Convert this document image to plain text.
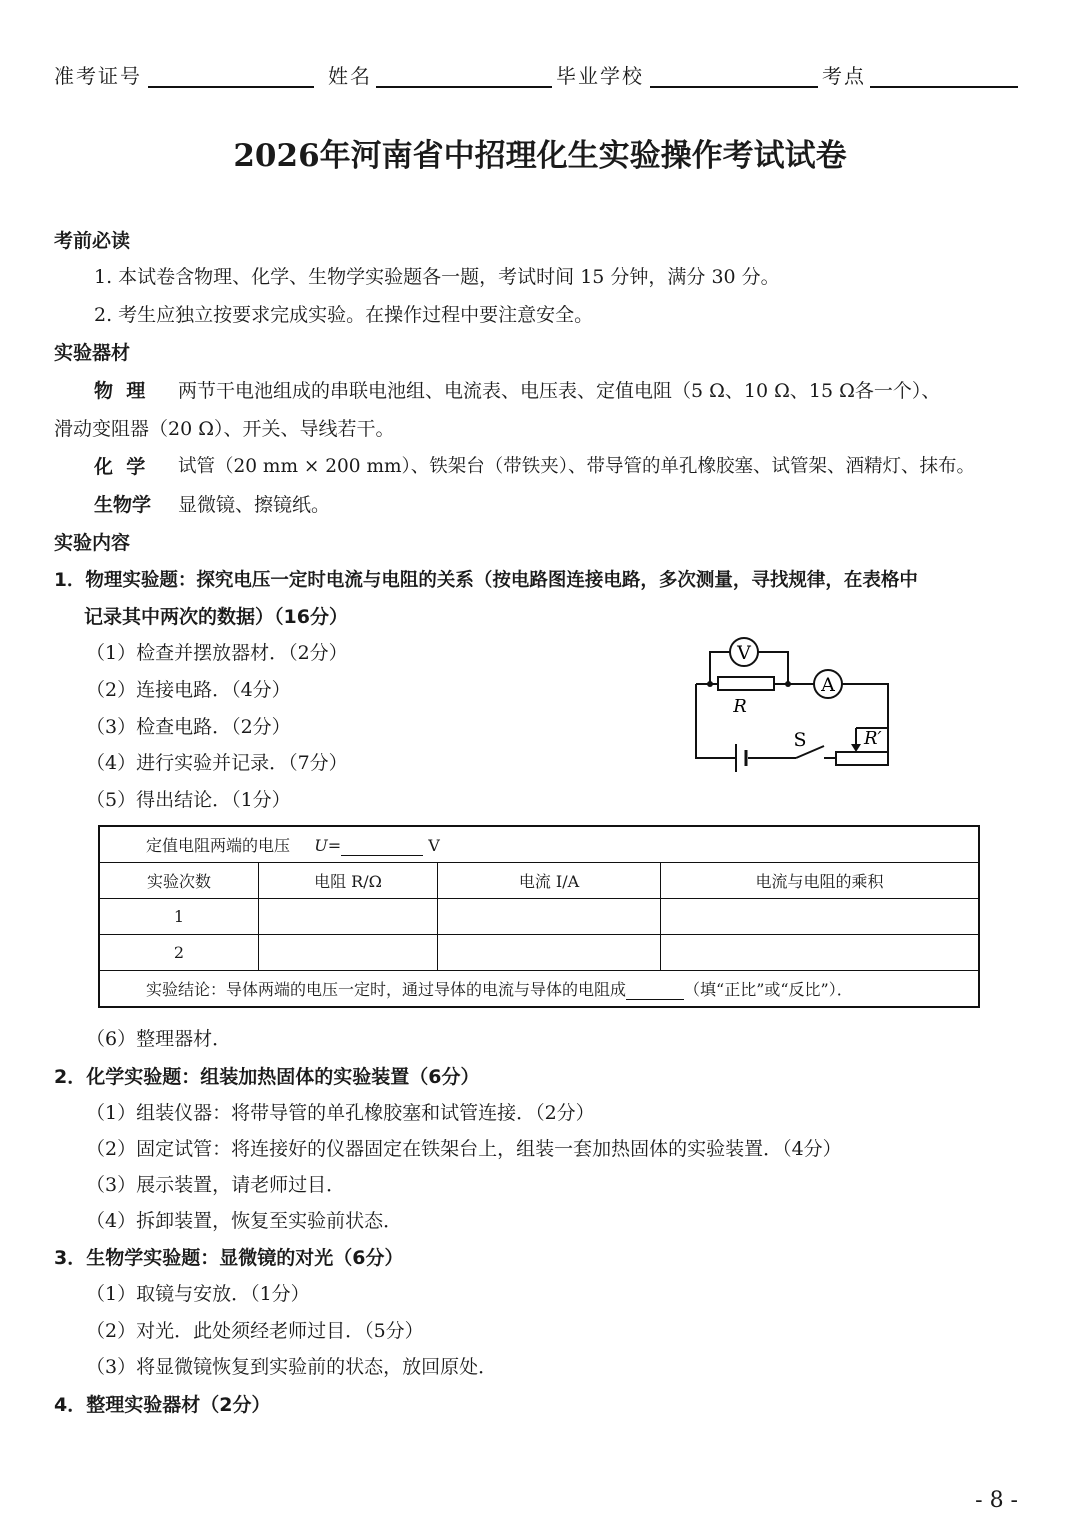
准考证号	姓名	毕业学校	考点
2026年河南省中招理化生实验操作考试试卷
考前必读
1. 本试卷含物理、化学、生物学实验题各一题，考试时间 15 分钟，满分 30 分。
2. 考生应独立按要求完成实验。在操作过程中要注意安全。
实验器材
物  理 两节干电池组成的串联电池组、电流表、电压表、定值电阻（5 Ω、10 Ω、15 Ω各一个）、
滑动变阻器（20 Ω）、开关、导线若干。
化  学 试管（20 mm × 200 mm）、铁架台（带铁夹）、带导管的单孔橡胶塞、试管架、酒精灯、抹布。
生物学 显微镜、擦镜纸。
实验内容
1．物理实验题：探究电压一定时电流与电阻的关系（按电路图连接电路，多次测量，寻找规律，在表格中
记录其中两次的数据）（16分）
（1）检查并摆放器材．（2分）
（2）连接电路．（4分）
（3）检查电路．（2分）
（4）进行实验并记录．（7分）
（5）得出结论．（1分）
V
A
R
S	R′
定值电阻两端的电压 U= V			
实验次数	电阻 R/Ω	电流 I/A	电流与电阻的乘积
1			
2			
实验结论：导体两端的电压一定时，通过导体的电流与导体的电阻成 （填“正比”或“反比”）．			
（6）整理器材．
2．化学实验题：组装加热固体的实验装置（6分）
（1）组装仪器：将带导管的单孔橡胶塞和试管连接．（2分）
（2）固定试管：将连接好的仪器固定在铁架台上，组装一套加热固体的实验装置．（4分）
（3）展示装置，请老师过目．
（4）拆卸装置，恢复至实验前状态．
3．生物学实验题：显微镜的对光（6分）
（1）取镜与安放．（1分）
（2）对光．此处须经老师过目．（5分）
（3）将显微镜恢复到实验前的状态，放回原处．
4．整理实验器材（2分）
- 8 -
